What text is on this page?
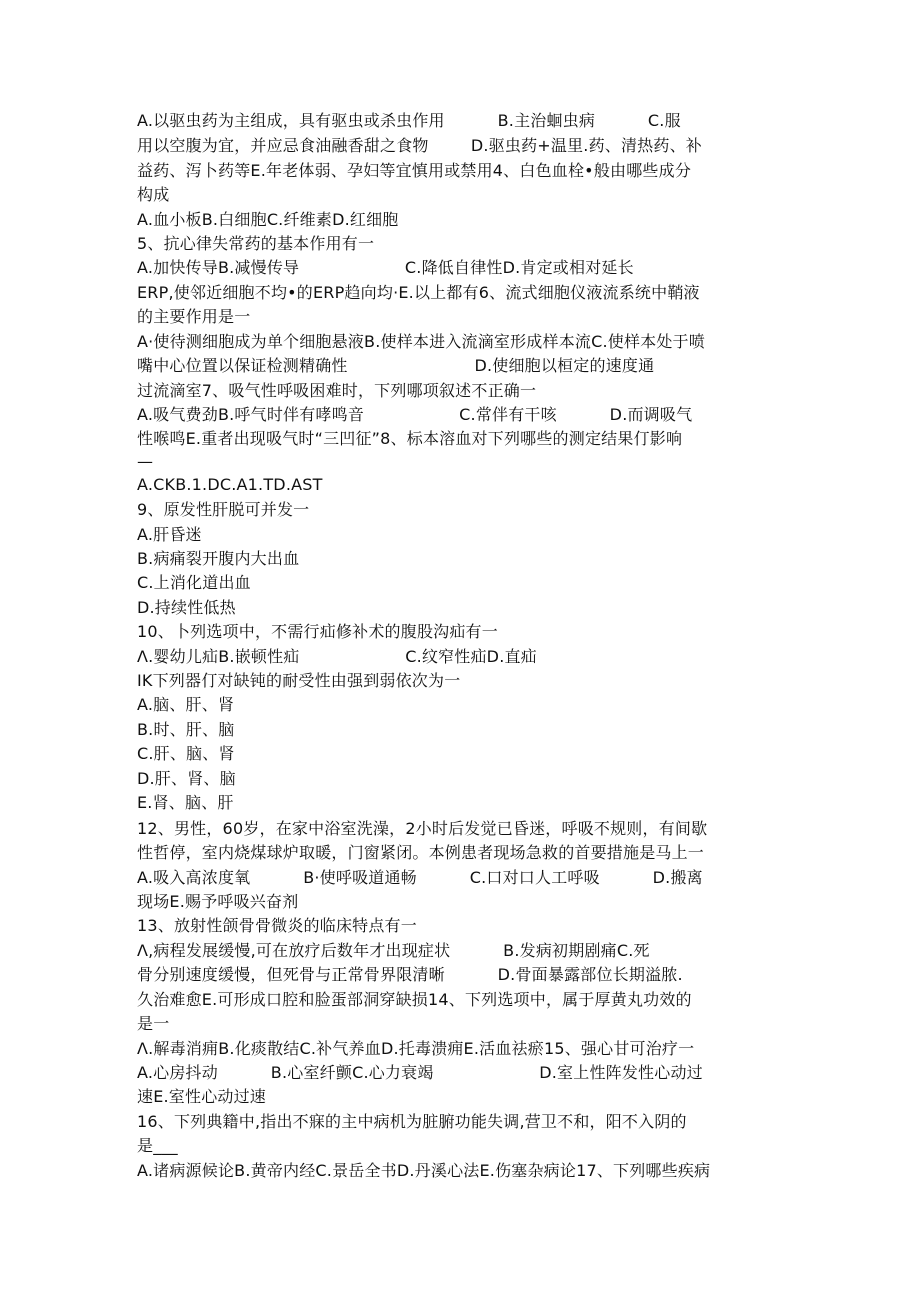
A.以驱虫药为主组成，具有驱虫或杀虫作用          B.主治蛔虫病          C.服
用以空腹为宜，并应忌食油融香甜之食物        D.驱虫药+温里.药、清热药、补
益药、泻卜药等E.年老体弱、孕妇等宜慎用或禁用4、白色血栓•般由哪些成分
构成
A.血小板B.白细胞C.纤维素D.红细胞
5、抗心律失常药的基本作用有一
A.加快传导B.减慢传导                    C.降低自律性D.肯定或相对延长
ERP,使邻近细胞不均•的ERP趋向均·E.以上都有6、流式细胞仪液流系统中鞘液
的主要作用是一
A·使待测细胞成为单个细胞悬液B.使样本进入流滴室形成样本流C.使样本处于喷
嘴中心位置以保证检测精确性                        D.使细胞以桓定的速度通
过流滴室7、吸气性呼吸困难时，下列哪项叙述不正确一
A.吸气费劲B.呼气时伴有哮鸣音                  C.常伴有干咳          D.而调吸气
性喉鸣E.重者出现吸气时“三凹征”8、标本溶血对下列哪些的测定结果仃影响
—
A.CKB.1.DC.A1.TD.AST
9、原发性肝脱可并发一
A.肝昏迷
B.病痛裂开腹内大出血
C.上消化道出血
D.持续性低热
10、卜列选项中，不需行疝修补术的腹股沟疝有一
Λ.婴幼儿疝B.嵌顿性疝                    C.纹窄性疝D.直疝
IK下列器仃对缺钝的耐受性由强到弱依次为一
A.脑、肝、肾
B.时、肝、脑
C.肝、脑、肾
D.肝、肾、脑
E.肾、脑、肝
12、男性，60岁，在家中浴室洗澡，2小时后发觉已昏迷，呼吸不规则，有间歇
性哲停，室内烧煤球炉取暖，门窗紧闭。本例患者现场急救的首要措施是马上一
A.吸入高浓度氧          B·使呼吸道通畅          C.口对口人工呼吸          D.搬离
现场E.赐予呼吸兴奋剂
13、放射性颌骨骨微炎的临床特点有一
Λ,病程发展缓慢,可在放疗后数年才出现症状          B.发病初期剧痛C.死
骨分别速度缓慢，但死骨与正常骨界限清晰          D.骨面暴露部位长期溢脓.
久治难愈E.可形成口腔和脸蛋部洞穿缺损14、下列选项中，属于厚黄丸功效的
是一
Λ.解毒消痈B.化痰散结C.补气养血D.托毒溃痈E.活血祛瘀15、强心甘可治疗一
A.心房抖动          B.心室纤颤C.心力衰竭                    D.室上性阵发性心动过
速E.室性心动过速
16、下列典籍中,指出不寐的主中病机为脏腑功能失调,营卫不和，阳不入阴的
是___
A.诸病源候论B.黄帝内经C.景岳全书D.丹溪心法E.伤塞杂病论17、下列哪些疾病
